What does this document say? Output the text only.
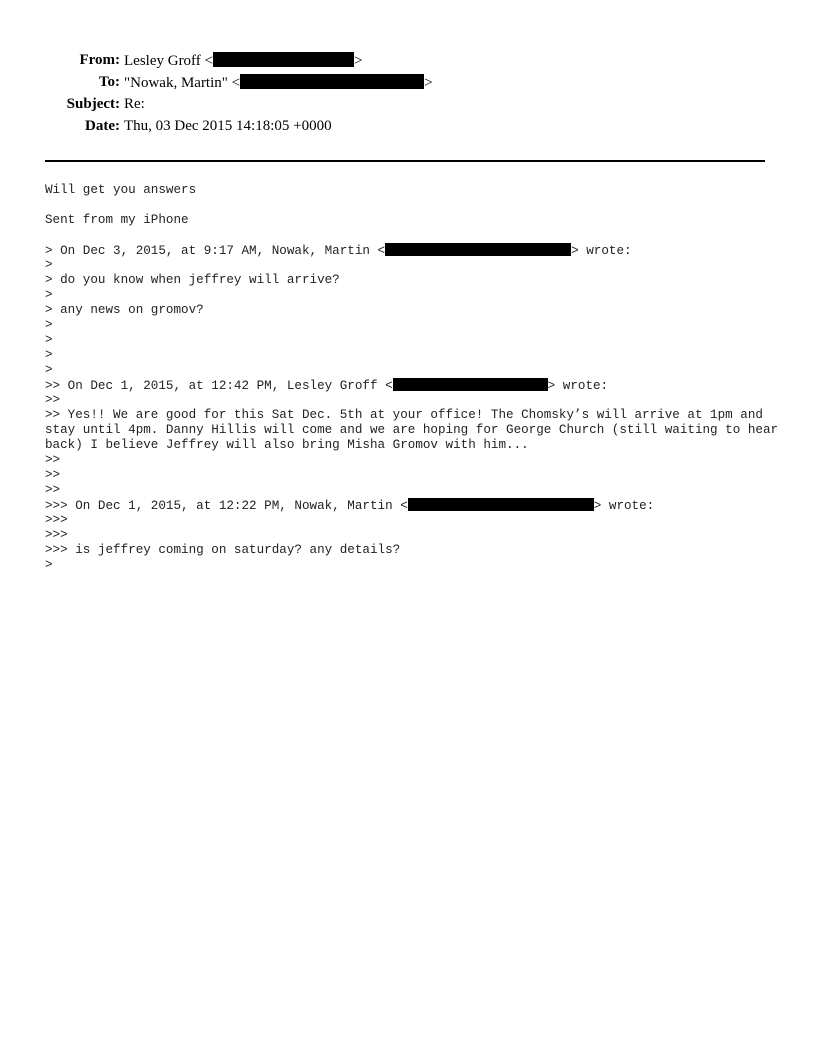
From: Lesley Groff <	>
To: "Nowak, Martin" <	>
Subject: Re:
Date: Thu, 03 Dec 2015 14:18:05 +0000
Will get you answers
Sent from my iPhone
> On Dec 3, 2015, at 9:17 AM, Nowak, Martin <	> wrote:
>
> do you know when jeffrey will arrive?
>
> any news on gromov?
>
>
>
>
>> On Dec 1, 2015, at 12:42 PM, Lesley Groff <	> wrote:
>>
>> Yes!! We are good for this Sat Dec. 5th at your office! The Chomsky’s will arrive at 1pm and stay until 4pm. Danny Hillis will come and we are hoping for George Church (still waiting to hear back) I believe Jeffrey will also bring Misha Gromov with him...
>>
>>
>>
>>> On Dec 1, 2015, at 12:22 PM, Nowak, Martin <	> wrote:
>>>
>>>
>>> is jeffrey coming on saturday? any details?
>
